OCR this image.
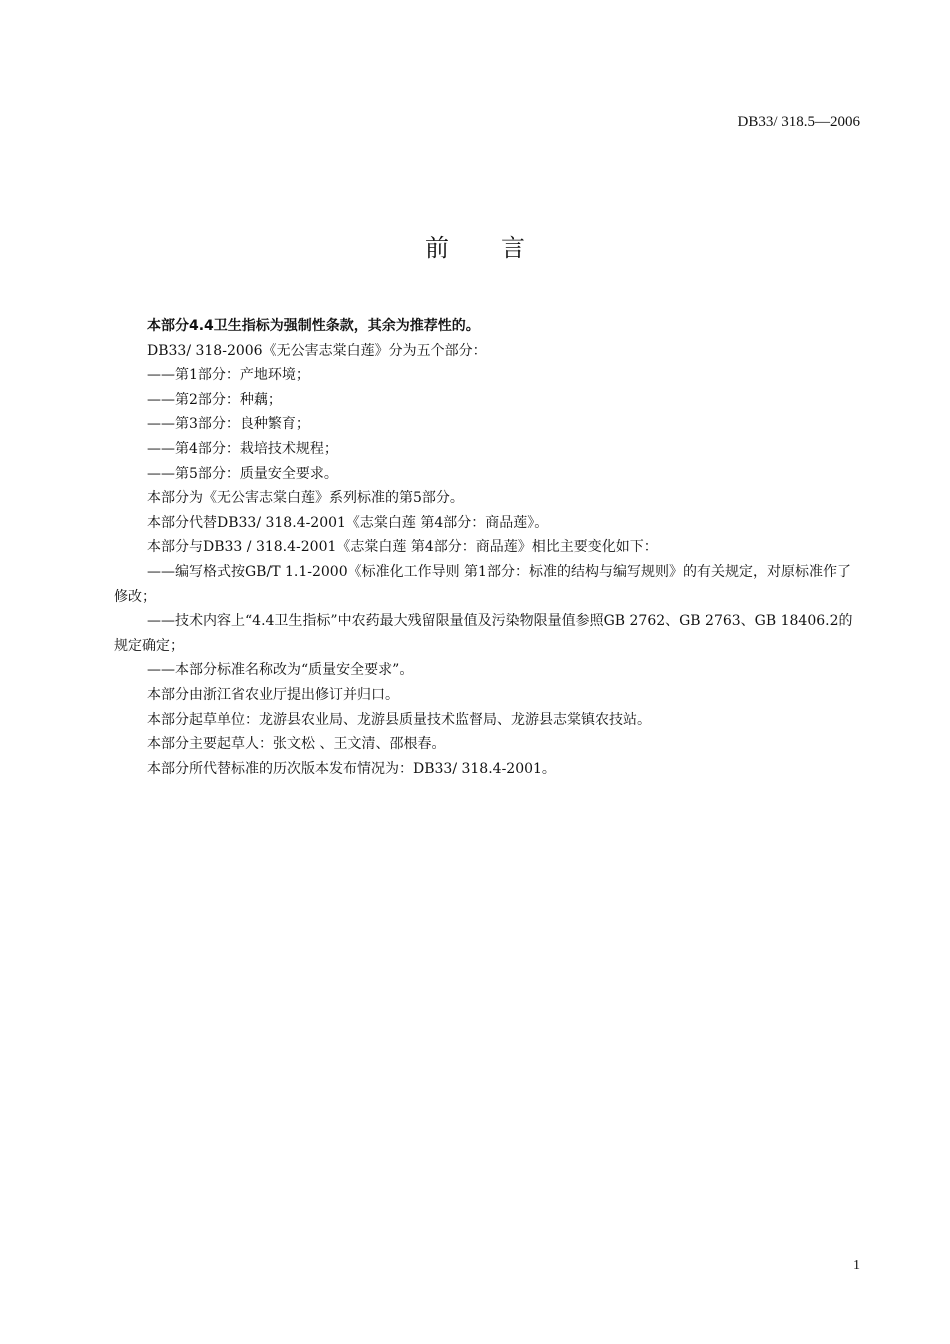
DB33/ 318.5—2006
前 言

本部分4.4卫生指标为强制性条款，其余为推荐性的。

DB33/ 318-2006《无公害志棠白莲》分为五个部分：

——第1部分：产地环境；

——第2部分：种藕；

——第3部分：良种繁育；

——第4部分：栽培技术规程；

——第5部分：质量安全要求。

本部分为《无公害志棠白莲》系列标准的第5部分。

本部分代替DB33/ 318.4-2001《志棠白莲 第4部分：商品莲》。

本部分与DB33 / 318.4-2001《志棠白莲 第4部分：商品莲》相比主要变化如下：

——编写格式按GB/T 1.1-2000《标准化工作导则 第1部分：标准的结构与编写规则》的有关规定，对原标准作了修改；

——技术内容上“4.4卫生指标”中农药最大残留限量值及污染物限量值参照GB 2762、GB 2763、GB 18406.2的规定确定；

——本部分标准名称改为“质量安全要求”。

本部分由浙江省农业厅提出修订并归口。

本部分起草单位：龙游县农业局、龙游县质量技术监督局、龙游县志棠镇农技站。

本部分主要起草人：张文松 、王文清、邵根春。

本部分所代替标准的历次版本发布情况为：DB33/ 318.4-2001。

1
